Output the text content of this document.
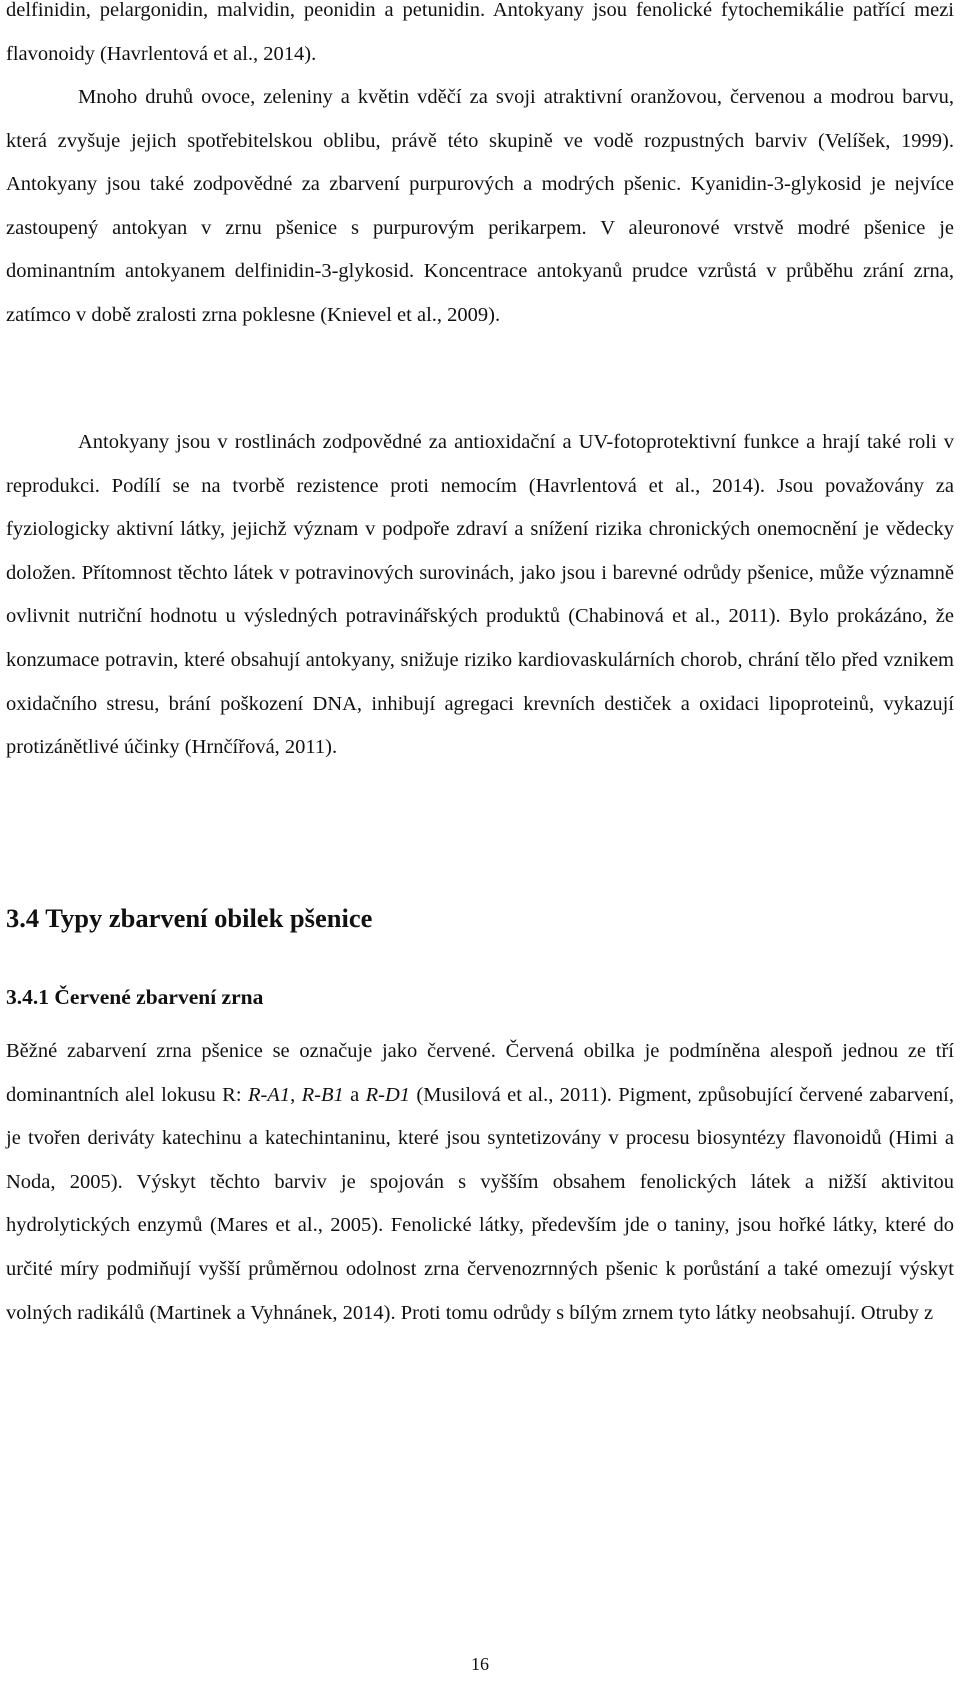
delfinidin, pelargonidin, malvidin, peonidin a petunidin. Antokyany jsou fenolické fytochemikálie patřící mezi flavonoidy (Havrlentová et al., 2014).

Mnoho druhů ovoce, zeleniny a květin vděčí za svoji atraktivní oranžovou, červenou a modrou barvu, která zvyšuje jejich spotřebitelskou oblibu, právě této skupině ve vodě rozpustných barviv (Velíšek, 1999). Antokyany jsou také zodpovědné za zbarvení purpurových a modrých pšenic. Kyanidin-3-glykosid je nejvíce zastoupený antokyan v zrnu pšenice s purpurovým perikarpem. V aleuronové vrstvě modré pšenice je dominantním antokyanem delfinidin-3-glykosid. Koncentrace antokyanů prudce vzrůstá v průběhu zrání zrna, zatímco v době zralosti zrna poklesne (Knievel et al., 2009).

Antokyany jsou v rostlinách zodpovědné za antioxidační a UV-fotoprotektivní funkce a hrají také roli v reprodukci. Podílí se na tvorbě rezistence proti nemocím (Havrlentová et al., 2014). Jsou považovány za fyziologicky aktivní látky, jejichž význam v podpoře zdraví a snížení rizika chronických onemocnění je vědecky doložen. Přítomnost těchto látek v potravinových surovinách, jako jsou i barevné odrůdy pšenice, může významně ovlivnit nutriční hodnotu u výsledných potravinářských produktů (Chabinová et al., 2011). Bylo prokázáno, že konzumace potravin, které obsahují antokyany, snižuje riziko kardiovaskulárních chorob, chrání tělo před vznikem oxidačního stresu, brání poškození DNA, inhibují agregaci krevních destiček a oxidaci lipoproteinů, vykazují protizánětlivé účinky (Hrnčířová, 2011).

3.4 Typy zbarvení obilek pšenice
3.4.1 Červené zbarvení zrna

Běžné zabarvení zrna pšenice se označuje jako červené. Červená obilka je podmíněna alespoň jednou ze tří dominantních alel lokusu R: R-A1, R-B1 a R-D1 (Musilová et al., 2011). Pigment, způsobující červené zabarvení, je tvořen deriváty katechinu a katechintaninu, které jsou syntetizovány v procesu biosyntézy flavonoidů (Himi a Noda, 2005). Výskyt těchto barviv je spojován s vyšším obsahem fenolických látek a nižší aktivitou hydrolytických enzymů (Mares et al., 2005). Fenolické látky, především jde o taniny, jsou hořké látky, které do určité míry podmiňují vyšší průměrnou odolnost zrna červenozrnných pšenic k porůstání a také omezují výskyt volných radikálů (Martinek a Vyhnánek, 2014). Proti tomu odrůdy s bílým zrnem tyto látky neobsahují. Otruby z

16
